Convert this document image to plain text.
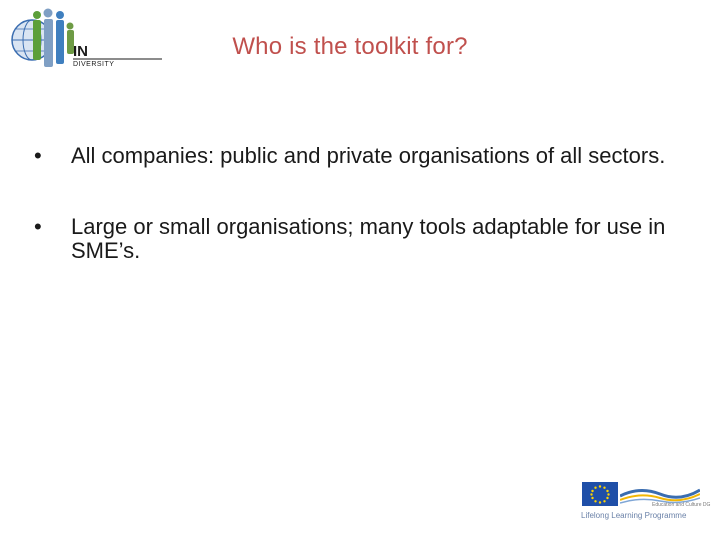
IN
DIVERSITY
Who is the toolkit for?
• All companies: public and private organisations of all sectors.
• Large or small organisations; many tools adaptable for use in SME’s.
Education and Culture DG
Lifelong Learning Programme
